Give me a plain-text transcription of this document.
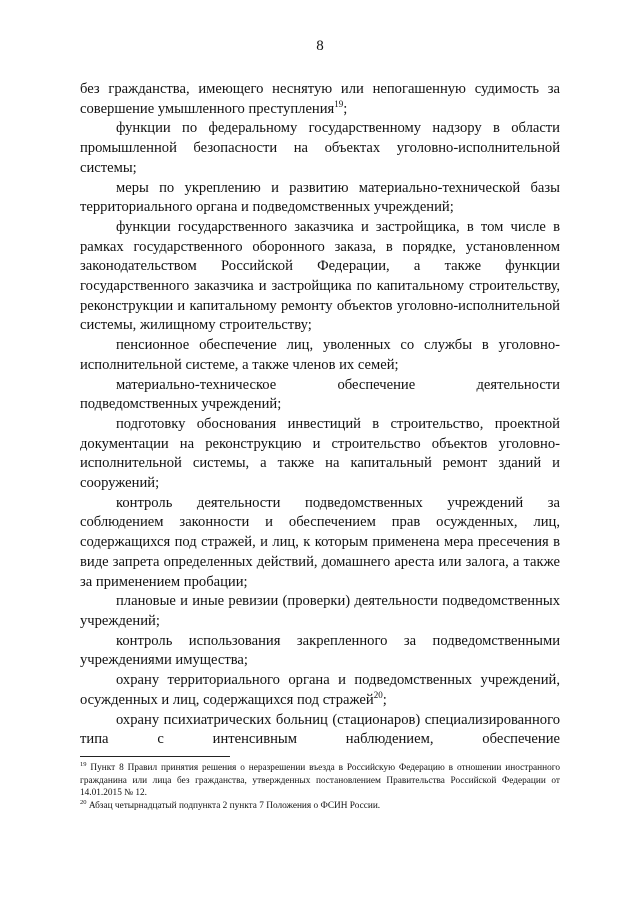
8

без гражданства, имеющего неснятую или непогашенную судимость за совершение умышленного преступления$^{19}$;

функции по федеральному государственному надзору в области промышленной безопасности на объектах уголовно-исполнительной системы;

меры по укреплению и развитию материально-технической базы территориального органа и подведомственных учреждений;

функции государственного заказчика и застройщика, в том числе в рамках государственного оборонного заказа, в порядке, установленном законодательством Российской Федерации, а также функции государственного заказчика и застройщика по капитальному строительству, реконструкции и капитальному ремонту объектов уголовно-исполнительной системы, жилищному строительству;

пенсионное обеспечение лиц, уволенных со службы в уголовно-исполнительной системе, а также членов их семей;

материально-техническое обеспечение деятельности подведомственных учреждений;

подготовку обоснования инвестиций в строительство, проектной документации на реконструкцию и строительство объектов уголовно-исполнительной системы, а также на капитальный ремонт зданий и сооружений;

контроль деятельности подведомственных учреждений за соблюдением законности и обеспечением прав осужденных, лиц, содержащихся под стражей, и лиц, к которым применена мера пресечения в виде запрета определенных действий, домашнего ареста или залога, а также за применением пробации;

плановые и иные ревизии (проверки) деятельности подведомственных учреждений;

контроль использования закрепленного за подведомственными учреждениями имущества;

охрану территориального органа и подведомственных учреждений, осужденных и лиц, содержащихся под стражей$^{20}$;

охрану психиатрических больниц (стационаров) специализированного типа с интенсивным наблюдением, обеспечение

$^{19}$ Пункт 8 Правил принятия решения о неразрешении въезда в Российскую Федерацию в отношении иностранного гражданина или лица без гражданства, утвержденных постановлением Правительства Российской Федерации от 14.01.2015 № 12.

$^{20}$ Абзац четырнадцатый подпункта 2 пункта 7 Положения о ФСИН России.
